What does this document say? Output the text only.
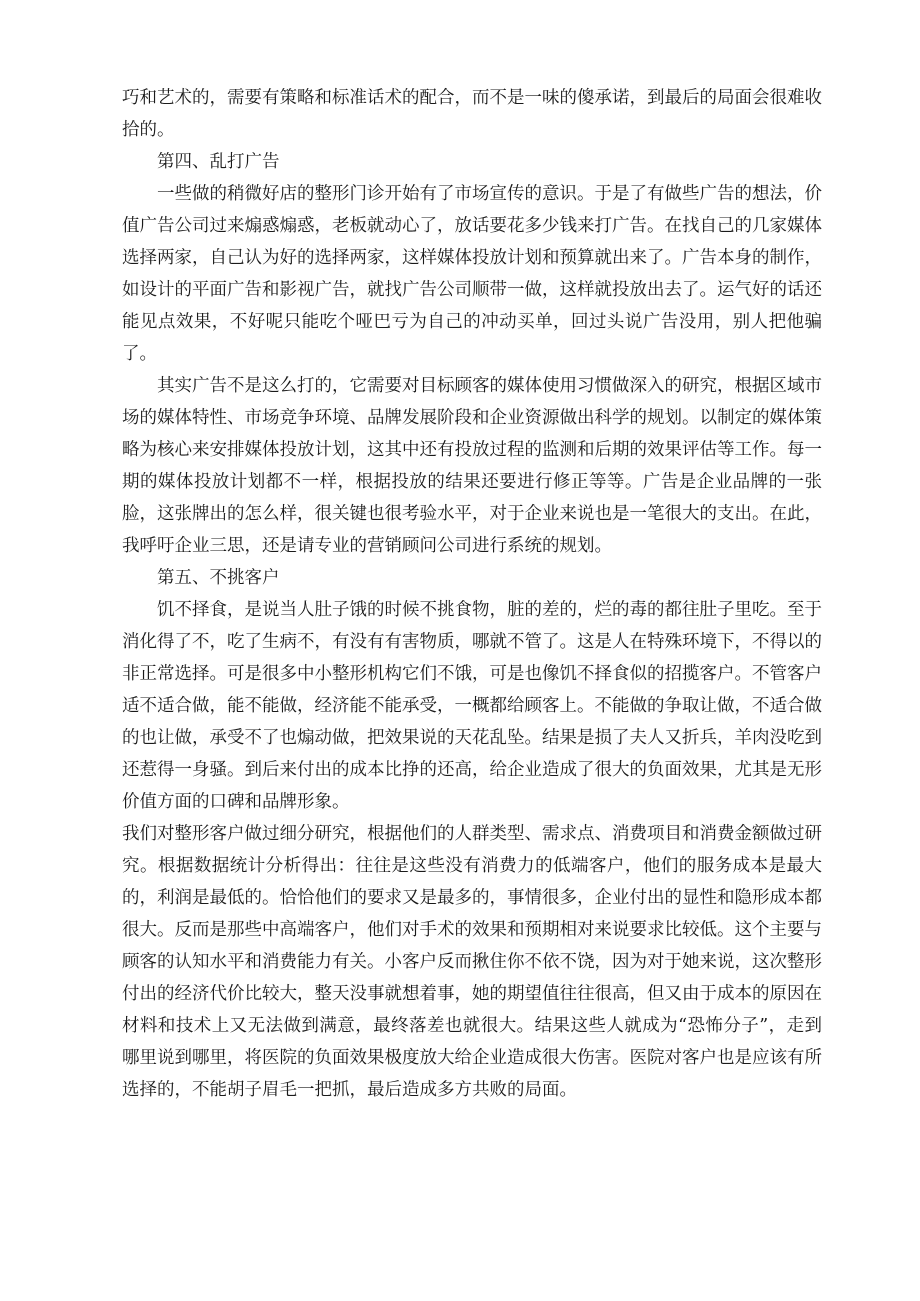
巧和艺术的，需要有策略和标准话术的配合，而不是一味的傻承诺，到最后的局面会很难收拾的。

第四、乱打广告

一些做的稍微好店的整形门诊开始有了市场宣传的意识。于是了有做些广告的想法，价值广告公司过来煽惑煽惑，老板就动心了，放话要花多少钱来打广告。在找自己的几家媒体选择两家，自己认为好的选择两家，这样媒体投放计划和预算就出来了。广告本身的制作，如设计的平面广告和影视广告，就找广告公司顺带一做，这样就投放出去了。运气好的话还能见点效果，不好呢只能吃个哑巴亏为自己的冲动买单，回过头说广告没用，别人把他骗了。

其实广告不是这么打的，它需要对目标顾客的媒体使用习惯做深入的研究，根据区域市场的媒体特性、市场竞争环境、品牌发展阶段和企业资源做出科学的规划。以制定的媒体策略为核心来安排媒体投放计划，这其中还有投放过程的监测和后期的效果评估等工作。每一期的媒体投放计划都不一样，根据投放的结果还要进行修正等等。广告是企业品牌的一张脸，这张牌出的怎么样，很关键也很考验水平，对于企业来说也是一笔很大的支出。在此，我呼吁企业三思，还是请专业的营销顾问公司进行系统的规划。

第五、不挑客户

饥不择食，是说当人肚子饿的时候不挑食物，脏的差的，烂的毒的都往肚子里吃。至于消化得了不，吃了生病不，有没有有害物质，哪就不管了。这是人在特殊环境下，不得以的非正常选择。可是很多中小整形机构它们不饿，可是也像饥不择食似的招揽客户。不管客户适不适合做，能不能做，经济能不能承受，一概都给顾客上。不能做的争取让做，不适合做的也让做，承受不了也煽动做，把效果说的天花乱坠。结果是损了夫人又折兵，羊肉没吃到还惹得一身骚。到后来付出的成本比挣的还高，给企业造成了很大的负面效果，尤其是无形价值方面的口碑和品牌形象。

我们对整形客户做过细分研究，根据他们的人群类型、需求点、消费项目和消费金额做过研究。根据数据统计分析得出：往往是这些没有消费力的低端客户，他们的服务成本是最大的，利润是最低的。恰恰他们的要求又是最多的，事情很多，企业付出的显性和隐形成本都很大。反而是那些中高端客户，他们对手术的效果和预期相对来说要求比较低。这个主要与顾客的认知水平和消费能力有关。小客户反而揪住你不依不饶，因为对于她来说，这次整形付出的经济代价比较大，整天没事就想着事，她的期望值往往很高，但又由于成本的原因在材料和技术上又无法做到满意，最终落差也就很大。结果这些人就成为“恐怖分子”，走到哪里说到哪里，将医院的负面效果极度放大给企业造成很大伤害。医院对客户也是应该有所选择的，不能胡子眉毛一把抓，最后造成多方共败的局面。
